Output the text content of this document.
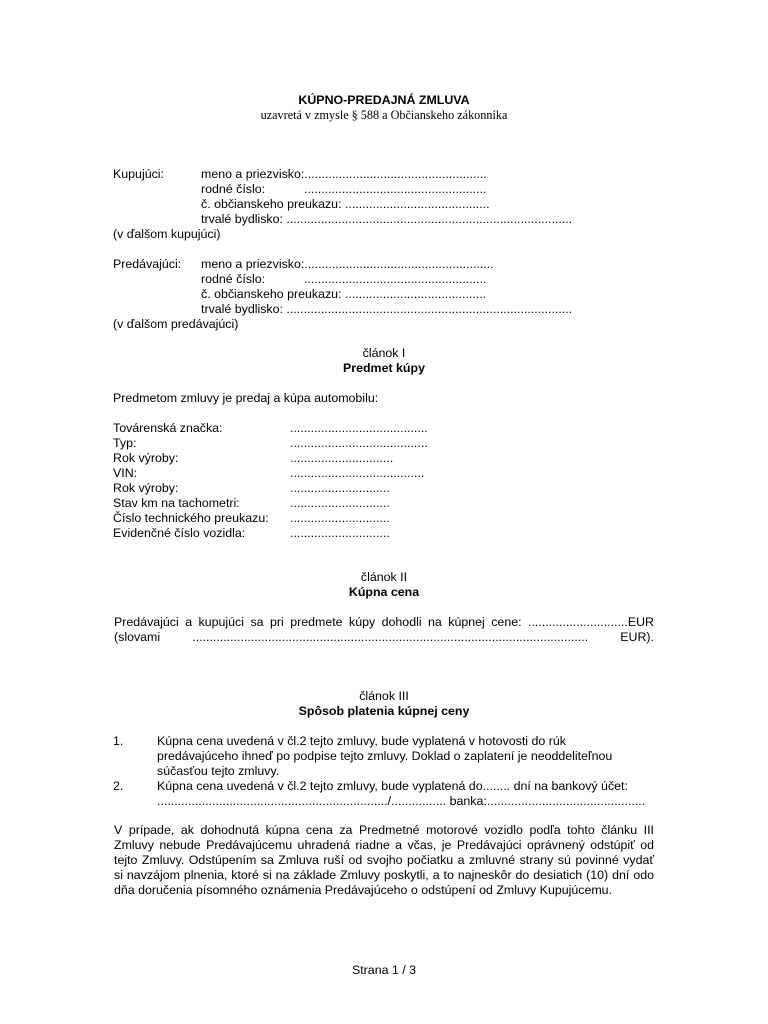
KÚPNO-PREDAJNÁ ZMLUVA
uzavretá v zmysle § 588 a Občianskeho zákonníka
Kupujúci:	meno a priezvisko:.....................................................
rodné číslo:	.....................................................
č. občianskeho preukazu: ..........................................
trvalé bydlisko: ...................................................................................
(v ďalšom kupujúci)
Predávajúci: meno a priezvisko:.......................................................
rodné číslo:	.....................................................
č. občianskeho preukazu: .........................................
trvalé bydlisko: ...................................................................................
(v ďalšom predávajúci)
článok I
Predmet kúpy
Predmetom zmluvy je predaj a kúpa automobilu:
Továrenská značka:	........................................
Typ:	........................................
Rok výroby:	..............................
VIN:	.......................................
Rok výroby:	.............................
Stav km na tachometri:	.............................
Číslo technického preukazu: .............................
Evidenčné číslo vozidla:	.............................
článok II
Kúpna cena
Predávajúci a kupujúci sa pri predmete kúpy dohodli na kúpnej cene: .............................EUR
(slovami ................................................................................................................... EUR).
článok III
Spôsob platenia kúpnej ceny
1.	Kúpna cena uvedená v čl.2 tejto zmluvy, bude vyplatená v hotovosti do rúk
predávajúceho ihneď po podpise tejto zmluvy. Doklad o zaplatení je neoddeliteľnou
súčasťou tejto zmluvy.
2.	Kúpna cena uvedená v čl.2 tejto zmluvy, bude vyplatená do........ dní na bankový účet:
.................................................................../................ banka:..............................................
V prípade, ak dohodnutá kúpna cena za Predmetné motorové vozidlo podľa tohto článku III
Zmluvy nebude Predávajúcemu uhradená riadne a včas, je Predávajúci oprávnený odstúpiť od
tejto Zmluvy. Odstúpením sa Zmluva ruší od svojho počiatku a zmluvné strany sú povinné vydať
si navzájom plnenia, ktoré si na základe Zmluvy poskytli, a to najneskôr do desiatich (10) dní odo
dňa doručenia písomného oznámenia Predávajúceho o odstúpení od Zmluvy Kupujúcemu.
Strana 1 / 3
